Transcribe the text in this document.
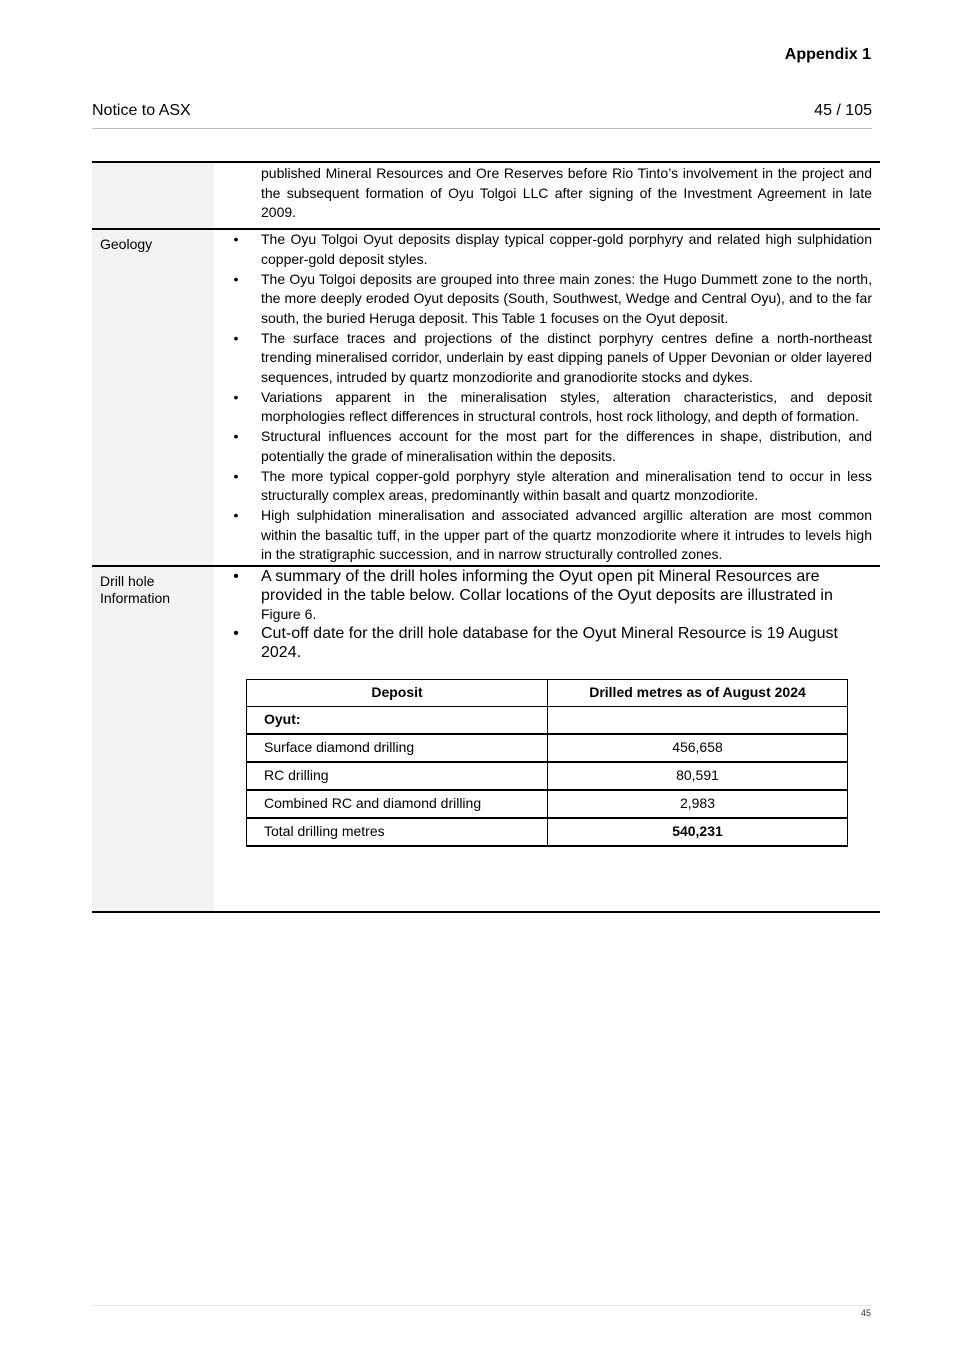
Appendix 1
Notice to ASX	45 / 105

published Mineral Resources and Ore Reserves before Rio Tinto’s involvement in the project and the subsequent formation of Oyu Tolgoi LLC after signing of the Investment Agreement in late 2009.

Geology	• The Oyu Tolgoi Oyut deposits display typical copper-gold porphyry and related high sulphidation copper-gold deposit styles.
• The Oyu Tolgoi deposits are grouped into three main zones: the Hugo Dummett zone to the north, the more deeply eroded Oyut deposits (South, Southwest, Wedge and Central Oyu), and to the far south, the buried Heruga deposit. This Table 1 focuses on the Oyut deposit.
• The surface traces and projections of the distinct porphyry centres define a north-northeast trending mineralised corridor, underlain by east dipping panels of Upper Devonian or older layered sequences, intruded by quartz monzodiorite and granodiorite stocks and dykes.
• Variations apparent in the mineralisation styles, alteration characteristics, and deposit morphologies reflect differences in structural controls, host rock lithology, and depth of formation.
• Structural influences account for the most part for the differences in shape, distribution, and potentially the grade of mineralisation within the deposits.
• The more typical copper-gold porphyry style alteration and mineralisation tend to occur in less structurally complex areas, predominantly within basalt and quartz monzodiorite.
• High sulphidation mineralisation and associated advanced argillic alteration are most common within the basaltic tuff, in the upper part of the quartz monzodiorite where it intrudes to levels high in the stratigraphic succession, and in narrow structurally controlled zones.

Drill hole
Information

• A summary of the drill holes informing the Oyut open pit Mineral Resources are provided in the table below. Collar locations of the Oyut deposits are illustrated in
Figure 6.
• Cut-off date for the drill hole database for the Oyut Mineral Resource is 19 August 2024.
Deposit	Drilled metres as of August 2024
Oyut:	
Surface diamond drilling	456,658
RC drilling	80,591
Combined RC and diamond drilling	2,983
Total drilling metres	540,231
45
